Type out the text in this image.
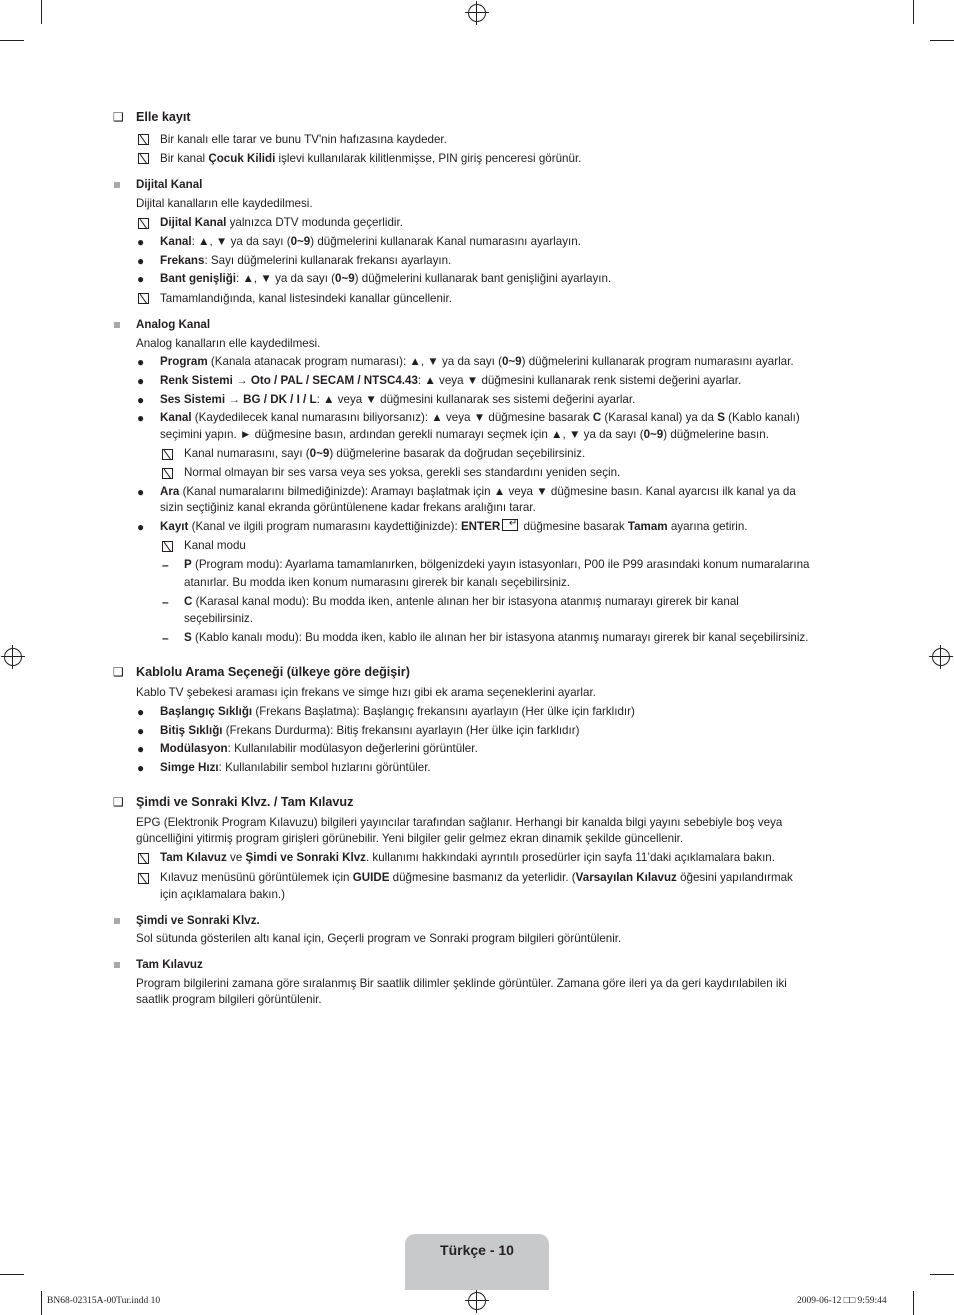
❑ Elle kayıt
Bir kanalı elle tarar ve bunu TV'nin hafızasına kaydeder.
Bir kanal Çocuk Kilidi işlevi kullanılarak kilitlenmişse, PIN giriş penceresi görünür.
Dijital Kanal
Dijital kanalların elle kaydedilmesi.
Dijital Kanal yalnızca DTV modunda geçerlidir.
● Kanal: ▲, ▼ ya da sayı (0~9) düğmelerini kullanarak Kanal numarasını ayarlayın.
● Frekans: Sayı düğmelerini kullanarak frekansı ayarlayın.
● Bant genişliği: ▲, ▼ ya da sayı (0~9) düğmelerini kullanarak bant genişliğini ayarlayın.
Tamamlandığında, kanal listesindeki kanallar güncellenir.
Analog Kanal
Analog kanalların elle kaydedilmesi.
● Program (Kanala atanacak program numarası): ▲, ▼ ya da sayı (0~9) düğmelerini kullanarak program numarasını ayarlar.
● Renk Sistemi → Oto / PAL / SECAM / NTSC4.43: ▲ veya ▼ düğmesini kullanarak renk sistemi değerini ayarlar.
● Ses Sistemi → BG / DK / I / L: ▲ veya ▼ düğmesini kullanarak ses sistemi değerini ayarlar.
● Kanal (Kaydedilecek kanal numarasını biliyorsanız): ▲ veya ▼ düğmesine basarak C (Karasal kanal) ya da S (Kablo kanalı)
seçimini yapın. ► düğmesine basın, ardından gerekli numarayı seçmek için ▲, ▼ ya da sayı (0~9) düğmelerine basın.
Kanal numarasını, sayı (0~9) düğmelerine basarak da doğrudan seçebilirsiniz.
Normal olmayan bir ses varsa veya ses yoksa, gerekli ses standardını yeniden seçin.
● Ara (Kanal numaralarını bilmediğinizde): Aramayı başlatmak için ▲ veya ▼ düğmesine basın. Kanal ayarcısı ilk kanal ya da
sizin seçtiğiniz kanal ekranda görüntülenene kadar frekans aralığını tarar.
● Kayıt (Kanal ve ilgili program numarasını kaydettiğinizde): ENTER↵ düğmesine basarak Tamam ayarına getirin.
Kanal modu
– P (Program modu): Ayarlama tamamlanırken, bölgenizdeki yayın istasyonları, P00 ile P99 arasındaki konum numaralarına
atanırlar. Bu modda iken konum numarasını girerek bir kanalı seçebilirsiniz.
– C (Karasal kanal modu): Bu modda iken, antenle alınan her bir istasyona atanmış numarayı girerek bir kanal
seçebilirsiniz.
– S (Kablo kanalı modu): Bu modda iken, kablo ile alınan her bir istasyona atanmış numarayı girerek bir kanal seçebilirsiniz.
❑ Kablolu Arama Seçeneği (ülkeye göre değişir)
Kablo TV şebekesi araması için frekans ve simge hızı gibi ek arama seçeneklerini ayarlar.
● Başlangıç Sıklığı (Frekans Başlatma): Başlangıç frekansını ayarlayın (Her ülke için farklıdır)
● Bitiş Sıklığı (Frekans Durdurma): Bitiş frekansını ayarlayın (Her ülke için farklıdır)
● Modülasyon: Kullanılabilir modülasyon değerlerini görüntüler.
● Simge Hızı: Kullanılabilir sembol hızlarını görüntüler.
❑ Şimdi ve Sonraki Klvz. / Tam Kılavuz
EPG (Elektronik Program Kılavuzu) bilgileri yayıncılar tarafından sağlanır. Herhangi bir kanalda bilgi yayını sebebiyle boş veya
güncelliğini yitirmiş program girişleri görünebilir. Yeni bilgiler gelir gelmez ekran dinamik şekilde güncellenir.
Tam Kılavuz ve Şimdi ve Sonraki Klvz. kullanımı hakkındaki ayrıntılı prosedürler için sayfa 11’daki açıklamalara bakın.
Kılavuz menüsünü görüntülemek için GUIDE düğmesine basmanız da yeterlidir. (Varsayılan Kılavuz öğesini yapılandırmak
için açıklamalara bakın.)
Şimdi ve Sonraki Klvz.
Sol sütunda gösterilen altı kanal için, Geçerli program ve Sonraki program bilgileri görüntülenir.
Tam Kılavuz
Program bilgilerini zamana göre sıralanmış Bir saatlik dilimler şeklinde görüntüler. Zamana göre ileri ya da geri kaydırılabilen iki
saatlik program bilgileri görüntülenir.
Türkçe - 10
BN68-02315A-00Tur.indd 10	2009-06-12 □□ 9:59:44
